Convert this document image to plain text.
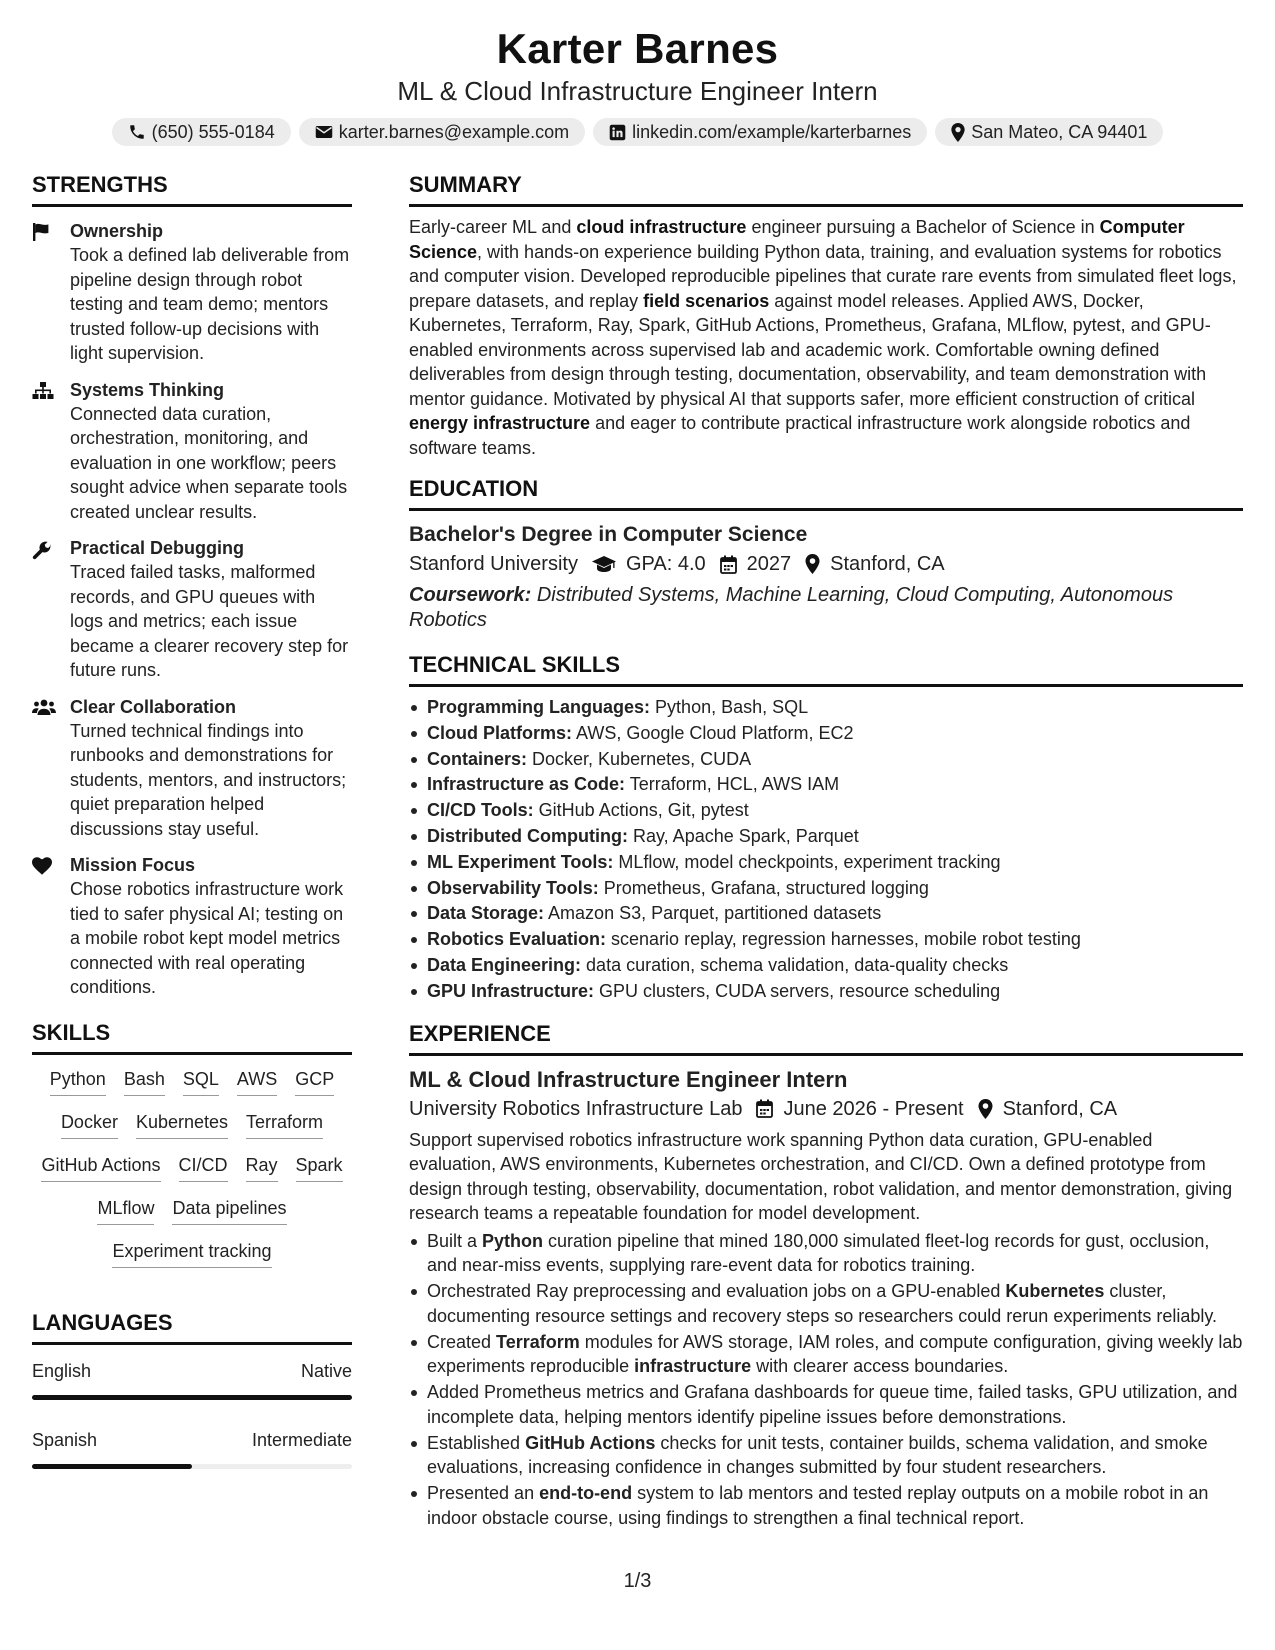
Karter Barnes
ML & Cloud Infrastructure Engineer Intern
(650) 555-0184	karter.barnes@example.com	linkedin.com/example/karterbarnes	San Mateo, CA 94401
STRENGTHS
Ownership
Took a defined lab deliverable from pipeline design through robot testing and team demo; mentors trusted follow-up decisions with light supervision.
Systems Thinking
Connected data curation, orchestration, monitoring, and evaluation in one workflow; peers sought advice when separate tools created unclear results.
Practical Debugging
Traced failed tasks, malformed records, and GPU queues with logs and metrics; each issue became a clearer recovery step for future runs.
Clear Collaboration
Turned technical findings into runbooks and demonstrations for students, mentors, and instructors; quiet preparation helped discussions stay useful.
Mission Focus
Chose robotics infrastructure work tied to safer physical AI; testing on a mobile robot kept model metrics connected with real operating conditions.
SKILLS
Python Bash SQL AWS GCP
Docker Kubernetes Terraform
GitHub Actions CI/CD Ray Spark
MLflow Data pipelines
Experiment tracking
LANGUAGES
English	Native
Spanish	Intermediate
SUMMARY
Early-career ML and cloud infrastructure engineer pursuing a Bachelor of Science in Computer Science, with hands-on experience building Python data, training, and evaluation systems for robotics and computer vision. Developed reproducible pipelines that curate rare events from simulated fleet logs, prepare datasets, and replay field scenarios against model releases. Applied AWS, Docker, Kubernetes, Terraform, Ray, Spark, GitHub Actions, Prometheus, Grafana, MLflow, pytest, and GPU-enabled environments across supervised lab and academic work. Comfortable owning defined deliverables from design through testing, documentation, observability, and team demonstration with mentor guidance. Motivated by physical AI that supports safer, more efficient construction of critical energy infrastructure and eager to contribute practical infrastructure work alongside robotics and software teams.
EDUCATION
Bachelor's Degree in Computer Science
Stanford University GPA: 4.0 2027 Stanford, CA
Coursework: Distributed Systems, Machine Learning, Cloud Computing, Autonomous Robotics
TECHNICAL SKILLS
Programming Languages: Python, Bash, SQL
Cloud Platforms: AWS, Google Cloud Platform, EC2
Containers: Docker, Kubernetes, CUDA
Infrastructure as Code: Terraform, HCL, AWS IAM
CI/CD Tools: GitHub Actions, Git, pytest
Distributed Computing: Ray, Apache Spark, Parquet
ML Experiment Tools: MLflow, model checkpoints, experiment tracking
Observability Tools: Prometheus, Grafana, structured logging
Data Storage: Amazon S3, Parquet, partitioned datasets
Robotics Evaluation: scenario replay, regression harnesses, mobile robot testing
Data Engineering: data curation, schema validation, data-quality checks
GPU Infrastructure: GPU clusters, CUDA servers, resource scheduling
EXPERIENCE
ML & Cloud Infrastructure Engineer Intern
University Robotics Infrastructure Lab June 2026 - Present Stanford, CA
Support supervised robotics infrastructure work spanning Python data curation, GPU-enabled evaluation, AWS environments, Kubernetes orchestration, and CI/CD. Own a defined prototype from design through testing, observability, documentation, robot validation, and mentor demonstration, giving research teams a repeatable foundation for model development.
Built a Python curation pipeline that mined 180,000 simulated fleet-log records for gust, occlusion, and near-miss events, supplying rare-event data for robotics training.
Orchestrated Ray preprocessing and evaluation jobs on a GPU-enabled Kubernetes cluster, documenting resource settings and recovery steps so researchers could rerun experiments reliably.
Created Terraform modules for AWS storage, IAM roles, and compute configuration, giving weekly lab experiments reproducible infrastructure with clearer access boundaries.
Added Prometheus metrics and Grafana dashboards for queue time, failed tasks, GPU utilization, and incomplete data, helping mentors identify pipeline issues before demonstrations.
Established GitHub Actions checks for unit tests, container builds, schema validation, and smoke evaluations, increasing confidence in changes submitted by four student researchers.
Presented an end-to-end system to lab mentors and tested replay outputs on a mobile robot in an indoor obstacle course, using findings to strengthen a final technical report.
1/3
